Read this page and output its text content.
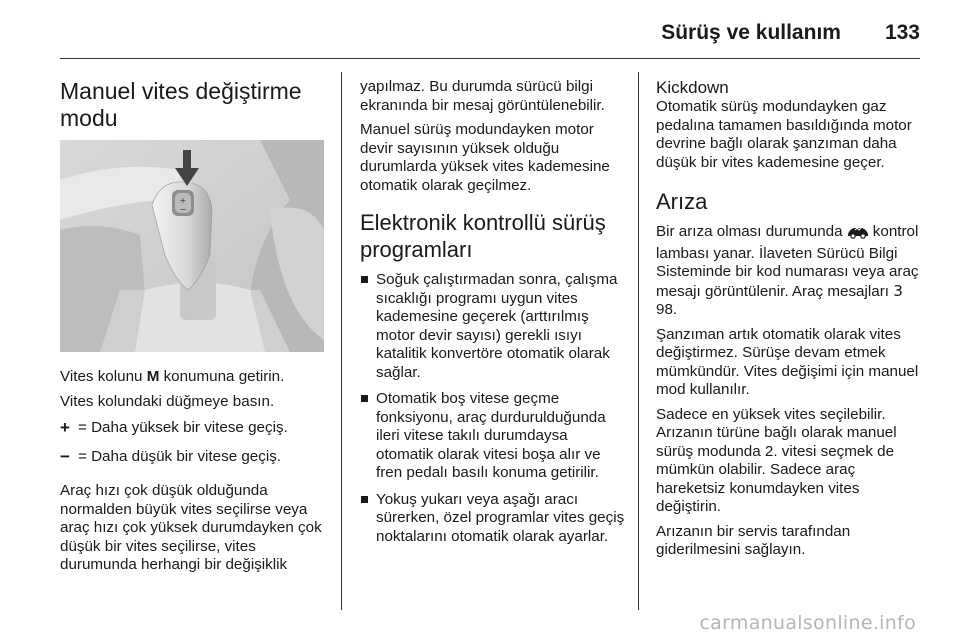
Sürüş ve kullanım 133
Manuel vites değiştirme
modu
+
−

Vites kolunu M konumuna getirin.

Vites kolundaki düğmeye basın.

+ = Daha yüksek bir vitese geçiş.
− = Daha düşük bir vitese geçiş.

Araç hızı çok düşük olduğunda normalden büyük vites seçilirse veya araç hızı çok yüksek durumdayken çok düşük bir vites seçilirse, vites durumunda herhangi bir değişiklik

yapılmaz. Bu durumda sürücü bilgi ekranında bir mesaj görüntülenebilir.

Manuel sürüş modundayken motor devir sayısının yüksek olduğu durumlarda yüksek vites kademesine otomatik olarak geçilmez.

Elektronik kontrollü sürüş programları
Soğuk çalıştırmadan sonra, çalışma sıcaklığı programı uygun vites kademesine geçerek (arttırılmış motor devir sayısı) gerekli ısıyı katalitik konvertöre otomatik olarak sağlar.
Otomatik boş vitese geçme fonksiyonu, araç durdurulduğunda ileri vitese takılı durumdaysa otomatik olarak vitesi boşa alır ve fren pedalı basılı konuma getirilir.
Yokuş yukarı veya aşağı aracı sürerken, özel programlar vites geçiş noktalarını otomatik olarak ayarlar.
Kickdown

Otomatik sürüş modundayken gaz pedalına tamamen basıldığında motor devrine bağlı olarak şanzıman daha düşük bir vites kademesine geçer.

Arıza

Bir arıza olması durumunda kontrol lambası yanar. İlaveten Sürücü Bilgi Sisteminde bir kod numarası veya araç mesajı görüntülenir. Araç mesajları 3 98.

Şanzıman artık otomatik olarak vites değiştirmez. Sürüşe devam etmek mümkündür. Vites değişimi için manuel mod kullanılır.

Sadece en yüksek vites seçilebilir. Arızanın türüne bağlı olarak manuel sürüş modunda 2. vitesi seçmek de mümkün olabilir. Sadece araç hareketsiz konumdayken vites değiştirin.

Arızanın bir servis tarafından giderilmesini sağlayın.

carmanualsonline.info
